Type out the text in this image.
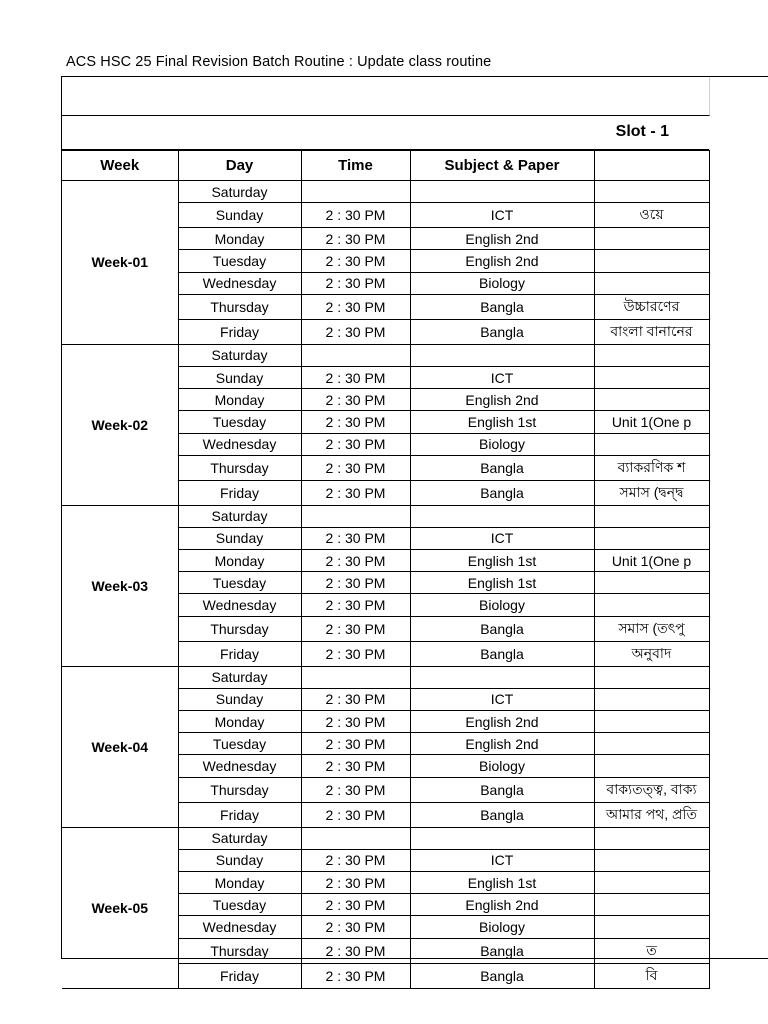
ACS HSC 25 Final Revision Batch Routine : Update class routine
Slot - 1
Week	Day	Time	Subject & Paper	
Week-01	Saturday			
	Sunday	2 : 30 PM	ICT	ওয়ে
	Monday	2 : 30 PM	English 2nd	
	Tuesday	2 : 30 PM	English 2nd	
	Wednesday	2 : 30 PM	Biology	
	Thursday	2 : 30 PM	Bangla	উচ্চারণের
	Friday	2 : 30 PM	Bangla	বাংলা বানানের
Week-02	Saturday			
	Sunday	2 : 30 PM	ICT	
	Monday	2 : 30 PM	English 2nd	
	Tuesday	2 : 30 PM	English 1st	Unit 1(One p
	Wednesday	2 : 30 PM	Biology	
	Thursday	2 : 30 PM	Bangla	ব্যাকরণিক শ
	Friday	2 : 30 PM	Bangla	সমাস (দ্বন্দ্ব
Week-03	Saturday			
	Sunday	2 : 30 PM	ICT	
	Monday	2 : 30 PM	English 1st	Unit 1(One p
	Tuesday	2 : 30 PM	English 1st	
	Wednesday	2 : 30 PM	Biology	
	Thursday	2 : 30 PM	Bangla	সমাস (তৎপু
	Friday	2 : 30 PM	Bangla	অনুবাদ
Week-04	Saturday			
	Sunday	2 : 30 PM	ICT	
	Monday	2 : 30 PM	English 2nd	
	Tuesday	2 : 30 PM	English 2nd	
	Wednesday	2 : 30 PM	Biology	
	Thursday	2 : 30 PM	Bangla	বাক্যতত্ত্ব, বাক্য
	Friday	2 : 30 PM	Bangla	আমার পথ, প্রতি
Week-05	Saturday			
	Sunday	2 : 30 PM	ICT	
	Monday	2 : 30 PM	English 1st	
	Tuesday	2 : 30 PM	English 2nd	
	Wednesday	2 : 30 PM	Biology	
	Thursday	2 : 30 PM	Bangla	ত
	Friday	2 : 30 PM	Bangla	বি
